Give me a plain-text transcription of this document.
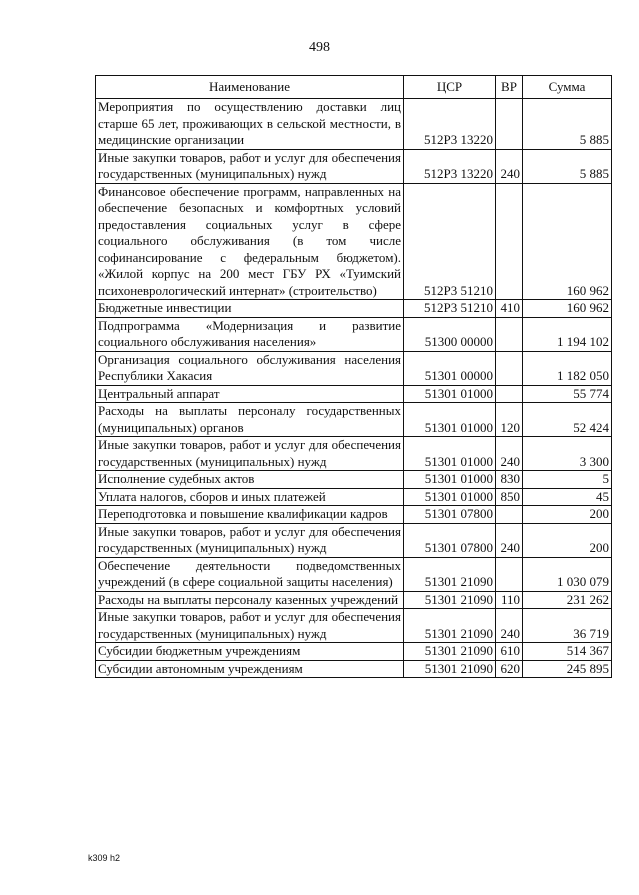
498
Наименование	ЦСР	ВР	Сумма
Мероприятия по осуществлению доставки лиц старше 65 лет, проживающих в сельской местности, в медицинские организации	512P3 13220		5 885
Иные закупки товаров, работ и услуг для обеспечения государственных (муниципальных) нужд	512P3 13220	240	5 885
Финансовое обеспечение программ, направленных на обеспечение безопасных и комфортных условий предоставления социальных услуг в сфере социального обслуживания (в том числе софинансирование с федеральным бюджетом). «Жилой корпус на 200 мест ГБУ РХ «Туимский психоневрологический интернат» (строительство)	512P3 51210		160 962
Бюджетные инвестиции	512P3 51210	410	160 962
Подпрограмма «Модернизация и развитие социального обслуживания населения»	51300 00000		1 194 102
Организация социального обслуживания населения Республики Хакасия	51301 00000		1 182 050
Центральный аппарат	51301 01000		55 774
Расходы на выплаты персоналу государственных (муниципальных) органов	51301 01000	120	52 424
Иные закупки товаров, работ и услуг для обеспечения государственных (муниципальных) нужд	51301 01000	240	3 300
Исполнение судебных актов	51301 01000	830	5
Уплата налогов, сборов и иных платежей	51301 01000	850	45
Переподготовка и повышение квалификации кадров	51301 07800		200
Иные закупки товаров, работ и услуг для обеспечения государственных (муниципальных) нужд	51301 07800	240	200
Обеспечение деятельности подведомственных учреждений (в сфере социальной защиты населения)	51301 21090		1 030 079
Расходы на выплаты персоналу казенных учреждений	51301 21090	110	231 262
Иные закупки товаров, работ и услуг для обеспечения государственных (муниципальных) нужд	51301 21090	240	36 719
Субсидии бюджетным учреждениям	51301 21090	610	514 367
Субсидии автономным учреждениям	51301 21090	620	245 895
k309 h2
